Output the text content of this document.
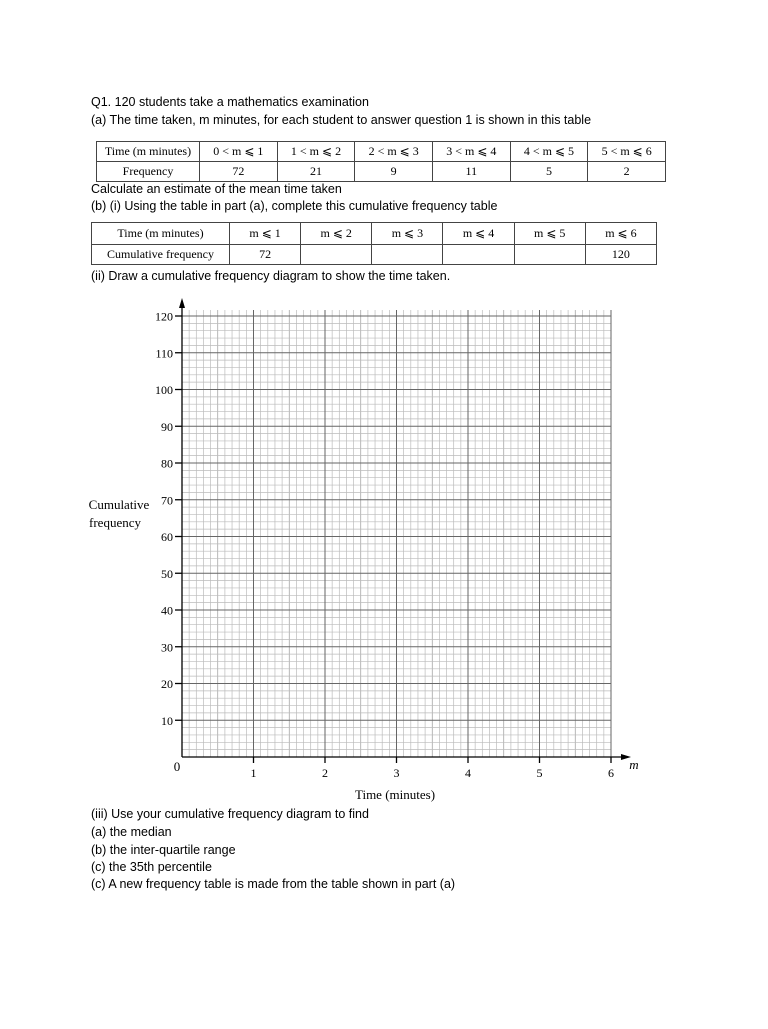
Q1. 120 students take a mathematics examination
(a) The time taken, m minutes, for each student to answer question 1 is shown in this table
Time (m minutes)	0 < m ⩽ 1	1 < m ⩽ 2	2 < m ⩽ 3	3 < m ⩽ 4	4 < m ⩽ 5	5 < m ⩽ 6
Frequency	72	21	9	11	5	2
Calculate an estimate of the mean time taken
(b) (i) Using the table in part (a), complete this cumulative frequency table
Time (m minutes)	m ⩽ 1	m ⩽ 2	m ⩽ 3	m ⩽ 4	m ⩽ 5	m ⩽ 6
Cumulative frequency	72					120
(ii) Draw a cumulative frequency diagram to show the time taken.
10
20
30
40
50
60
70
80
90
100
110
120
1	2	3	4	5	6
Cumulative
frequency
Time (minutes)
m
0
(iii) Use your cumulative frequency diagram to find
(a) the median
(b) the inter-quartile range
(c) the 35th percentile
(c) A new frequency table is made from the table shown in part (a)
